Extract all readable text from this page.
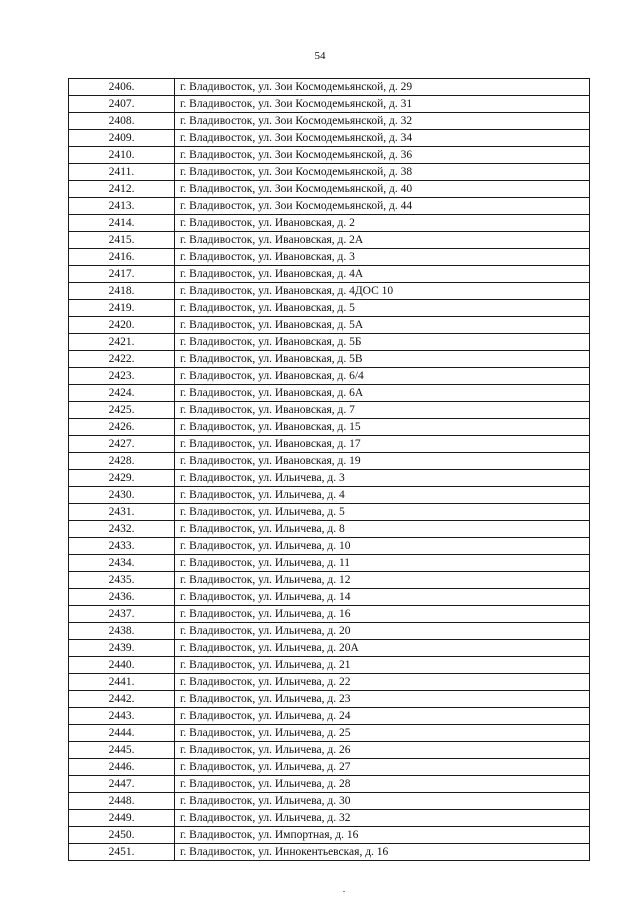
54
2406.	г. Владивосток, ул. Зои Космодемьянской, д. 29
2407.	г. Владивосток, ул. Зои Космодемьянской, д. 31
2408.	г. Владивосток, ул. Зои Космодемьянской, д. 32
2409.	г. Владивосток, ул. Зои Космодемьянской, д. 34
2410.	г. Владивосток, ул. Зои Космодемьянской, д. 36
2411.	г. Владивосток, ул. Зои Космодемьянской, д. 38
2412.	г. Владивосток, ул. Зои Космодемьянской, д. 40
2413.	г. Владивосток, ул. Зои Космодемьянской, д. 44
2414.	г. Владивосток, ул. Ивановская, д. 2
2415.	г. Владивосток, ул. Ивановская, д. 2А
2416.	г. Владивосток, ул. Ивановская, д. 3
2417.	г. Владивосток, ул. Ивановская, д. 4А
2418.	г. Владивосток, ул. Ивановская, д. 4ДОС 10
2419.	г. Владивосток, ул. Ивановская, д. 5
2420.	г. Владивосток, ул. Ивановская, д. 5А
2421.	г. Владивосток, ул. Ивановская, д. 5Б
2422.	г. Владивосток, ул. Ивановская, д. 5В
2423.	г. Владивосток, ул. Ивановская, д. 6/4
2424.	г. Владивосток, ул. Ивановская, д. 6А
2425.	г. Владивосток, ул. Ивановская, д. 7
2426.	г. Владивосток, ул. Ивановская, д. 15
2427.	г. Владивосток, ул. Ивановская, д. 17
2428.	г. Владивосток, ул. Ивановская, д. 19
2429.	г. Владивосток, ул. Ильичева, д. 3
2430.	г. Владивосток, ул. Ильичева, д. 4
2431.	г. Владивосток, ул. Ильичева, д. 5
2432.	г. Владивосток, ул. Ильичева, д. 8
2433.	г. Владивосток, ул. Ильичева, д. 10
2434.	г. Владивосток, ул. Ильичева, д. 11
2435.	г. Владивосток, ул. Ильичева, д. 12
2436.	г. Владивосток, ул. Ильичева, д. 14
2437.	г. Владивосток, ул. Ильичева, д. 16
2438.	г. Владивосток, ул. Ильичева, д. 20
2439.	г. Владивосток, ул. Ильичева, д. 20А
2440.	г. Владивосток, ул. Ильичева, д. 21
2441.	г. Владивосток, ул. Ильичева, д. 22
2442.	г. Владивосток, ул. Ильичева, д. 23
2443.	г. Владивосток, ул. Ильичева, д. 24
2444.	г. Владивосток, ул. Ильичева, д. 25
2445.	г. Владивосток, ул. Ильичева, д. 26
2446.	г. Владивосток, ул. Ильичева, д. 27
2447.	г. Владивосток, ул. Ильичева, д. 28
2448.	г. Владивосток, ул. Ильичева, д. 30
2449.	г. Владивосток, ул. Ильичева, д. 32
2450.	г. Владивосток, ул. Импортная, д. 16
2451.	г. Владивосток, ул. Иннокентьевская, д. 16
